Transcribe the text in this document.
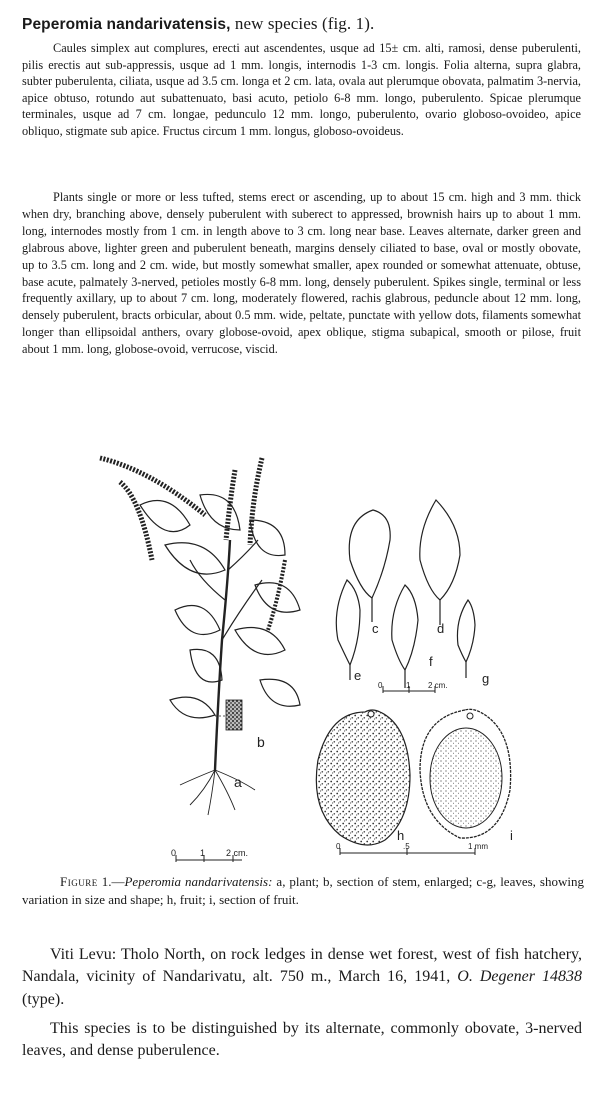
Peperomia nandarivatensis, new species (fig. 1).

Caules simplex aut complures, erecti aut ascendentes, usque ad 15± cm. alti, ramosi, dense puberulenti, pilis erectis aut sub-appressis, usque ad 1 mm. longis, internodis 1-3 cm. longis. Folia alterna, supra glabra, subter puberulenta, ciliata, usque ad 3.5 cm. longa et 2 cm. lata, ovala aut plerumque obovata, palmatim 3-nervia, apice obtuso, rotundo aut subattenuato, basi acuto, petiolo 6-8 mm. longo, puberulento. Spicae plerumque terminales, usque ad 7 cm. longae, pedunculo 12 mm. longo, puberulento, ovario globoso-ovoideo, apice obliquo, stigmate sub apice. Fructus circum 1 mm. longus, globoso-ovoideus.

Plants single or more or less tufted, stems erect or ascending, up to about 15 cm. high and 3 mm. thick when dry, branching above, densely puberulent with suberect to appressed, brownish hairs up to about 1 mm. long, internodes mostly from 1 cm. in length above to 3 cm. long near base. Leaves alternate, darker green and glabrous above, lighter green and puberulent beneath, margins densely ciliated to base, oval or mostly obovate, up to 3.5 cm. long and 2 cm. wide, but mostly somewhat smaller, apex rounded or somewhat attenuate, obtuse, base acute, palmately 3-nerved, petioles mostly 6-8 mm. long, densely puberulent. Spikes single, terminal or less frequently axillary, up to about 7 cm. long, moderately flowered, rachis glabrous, peduncle about 12 mm. long, densely puberulent, bracts orbicular, about 0.5 mm. wide, peltate, punctate with yellow dots, filaments somewhat longer than ellipsoidal anthers, ovary globose-ovoid, apex oblique, stigma subapical, smooth or pilose, fruit about 1 mm. long, globose-ovoid, verrucose, viscid.

b
a
0	1 2 cm.
c	d
e
f
g
0	1 2 cm.
h	i
0	.5	1 mm

Figure 1.—Peperomia nandarivatensis: a, plant; b, section of stem, enlarged; c-g, leaves, showing variation in size and shape; h, fruit; i, section of fruit.

Viti Levu: Tholo North, on rock ledges in dense wet forest, west of fish hatchery, Nandala, vicinity of Nandarivatu, alt. 750 m., March 16, 1941, O. Degener 14838 (type).

This species is to be distinguished by its alternate, commonly obovate, 3-nerved leaves, and dense puberulence.
